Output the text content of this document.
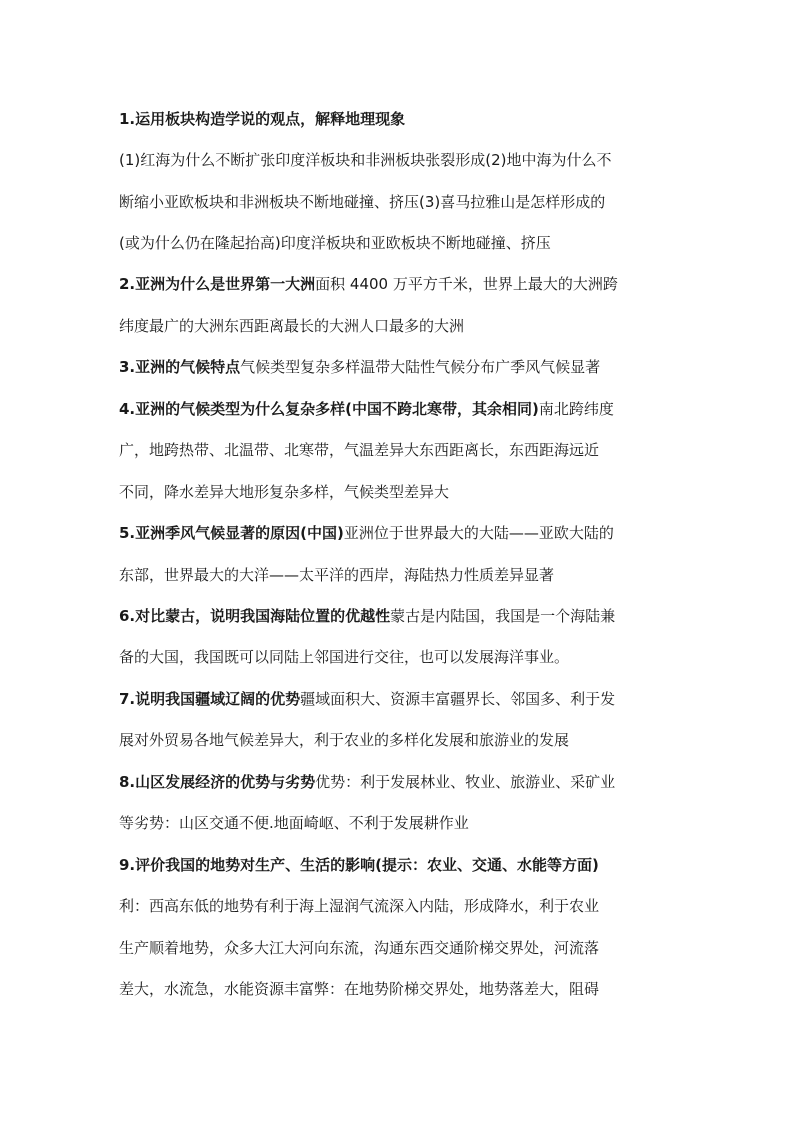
1.运用板块构造学说的观点，解释地理现象
(1)红海为什么不断扩张印度洋板块和非洲板块张裂形成(2)地中海为什么不
断缩小亚欧板块和非洲板块不断地碰撞、挤压(3)喜马拉雅山是怎样形成的
(或为什么仍在隆起抬高)印度洋板块和亚欧板块不断地碰撞、挤压
2.亚洲为什么是世界第一大洲面积 4400 万平方千米，世界上最大的大洲跨
纬度最广的大洲东西距离最长的大洲人口最多的大洲
3.亚洲的气候特点气候类型复杂多样温带大陆性气候分布广季风气候显著
4.亚洲的气候类型为什么复杂多样(中国不跨北寒带，其余相同)南北跨纬度
广，地跨热带、北温带、北寒带，气温差异大东西距离长，东西距海远近
不同，降水差异大地形复杂多样，气候类型差异大
5.亚洲季风气候显著的原因(中国)亚洲位于世界最大的大陆——亚欧大陆的
东部，世界最大的大洋——太平洋的西岸，海陆热力性质差异显著
6.对比蒙古，说明我国海陆位置的优越性蒙古是内陆国，我国是一个海陆兼
备的大国，我国既可以同陆上邻国进行交往，也可以发展海洋事业。
7.说明我国疆域辽阔的优势疆域面积大、资源丰富疆界长、邻国多、利于发
展对外贸易各地气候差异大，利于农业的多样化发展和旅游业的发展
8.山区发展经济的优势与劣势优势：利于发展林业、牧业、旅游业、采矿业
等劣势：山区交通不便.地面崎岖、不利于发展耕作业
9.评价我国的地势对生产、生活的影响(提示：农业、交通、水能等方面)
利：西高东低的地势有利于海上湿润气流深入内陆，形成降水，利于农业
生产顺着地势，众多大江大河向东流，沟通东西交通阶梯交界处，河流落
差大，水流急，水能资源丰富弊：在地势阶梯交界处，地势落差大，阻碍
